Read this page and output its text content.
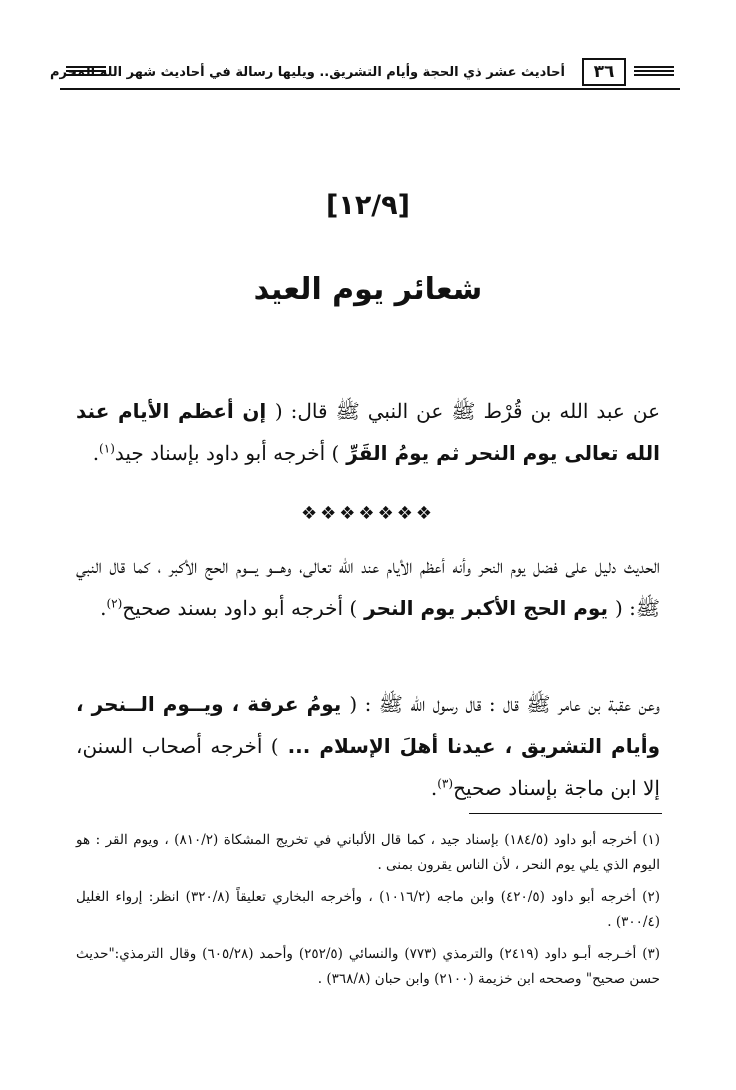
أحاديث عشر ذي الحجة وأيام التشريق.. ويليها رسالة في أحاديث شهر الله المحرم	٣٦
[١٢/٩]
شعائر يوم العيد
عن عبد الله بن قُرْط ﷺ عن النبي ﷺ قال: ( إن أعظم الأيام عند الله تعالى يوم النحر ثم يومُ القَرِّ ) أخرجه أبو داود بإسناد جيد$^{(١)}$.
❖❖❖❖❖❖❖
الحديث دليل على فضل يوم النحر وأنه أعظم الأيام عند الله تعالى، وهـــو يـــوم الحج الأكبر ، كما قال النبي ﷺ: ( يوم الحج الأكبر يوم النحر ) أخرجه أبو داود بسند صحيح$^{(٢)}$.
وعن عقبة بن عامر ﷺ قال : قال رسول الله ﷺ : ( يومُ عرفة ، ويــوم الــنحر ، وأيام التشريق ، عيدنا أهلَ الإسلام ... ) أخرجه أصحاب السنن، إلا ابن ماجة بإسناد صحيح$^{(٣)}$.

(١) أخرجه أبو داود (١٨٤/٥) بإسناد جيد ، كما قال الألباني في تخريج المشكاة (٨١٠/٢) ، ويوم القر : هو اليوم الذي يلي يوم النحر ، لأن الناس يقرون بمنى .

(٢) أخرجه أبو داود (٤٢٠/٥) وابن ماجه (١٠١٦/٢) ، وأخرجه البخاري تعليقاً (٣٢٠/٨) انظر: إرواء الغليل (٣٠٠/٤) .

(٣) أخـرجه أبـو داود (٢٤١٩) والترمذي (٧٧٣) والنسائي (٢٥٢/٥) وأحمد (٦٠٥/٢٨) وقال الترمذي:"حديث حسن صحيح" وصححه ابن خزيمة (٢١٠٠) وابن حبان (٣٦٨/٨) .
